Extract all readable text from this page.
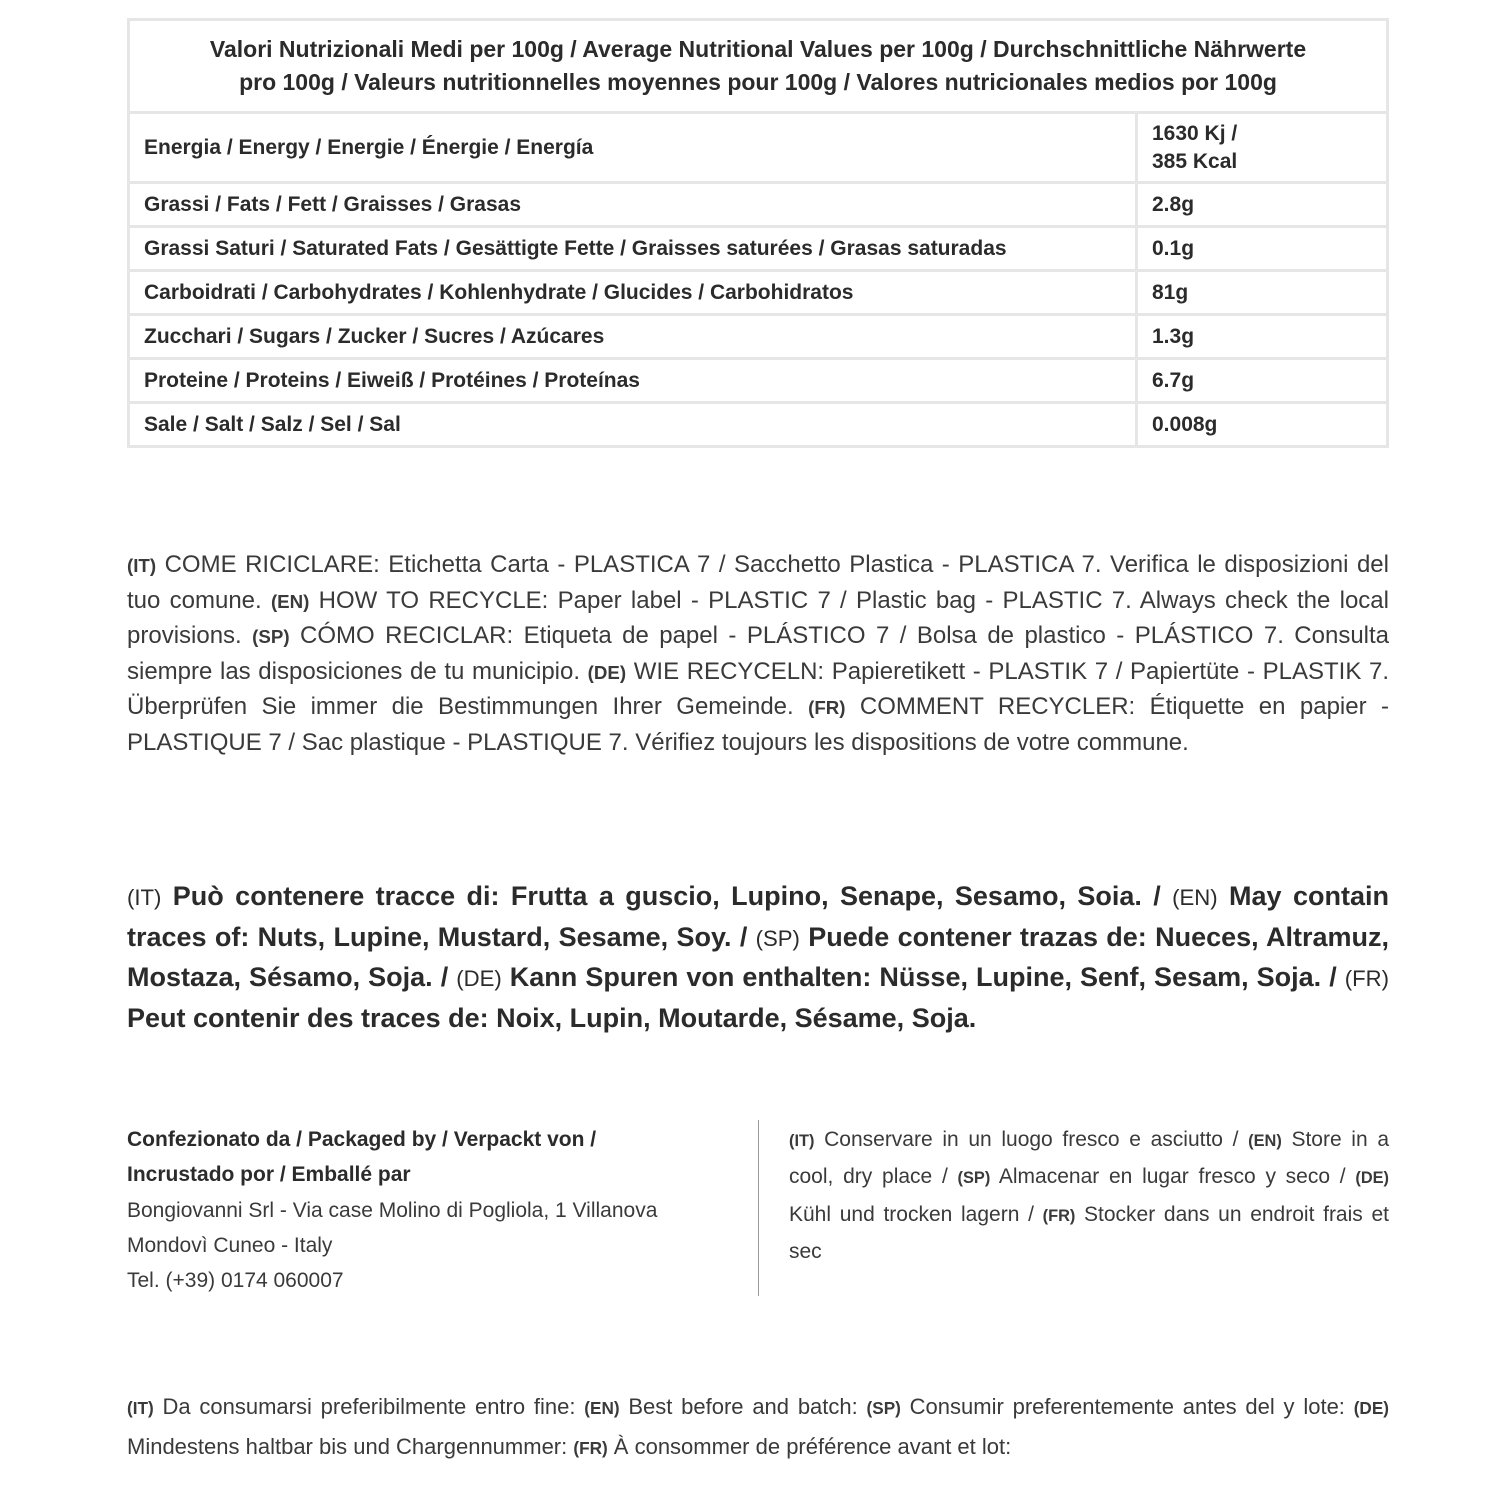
Valori Nutrizionali Medi per 100g / Average Nutritional Values per 100g / Durchschnittliche Nährwerte
pro 100g / Valeurs nutritionnelles moyennes pour 100g / Valores nutricionales medios por 100g	
Energia / Energy / Energie / Énergie / Energía	1630 Kj /
385 Kcal
Grassi / Fats / Fett / Graisses / Grasas	2.8g
Grassi Saturi / Saturated Fats / Gesättigte Fette / Graisses saturées / Grasas saturadas	0.1g
Carboidrati / Carbohydrates / Kohlenhydrate / Glucides / Carbohidratos	81g
Zucchari / Sugars / Zucker / Sucres / Azúcares	1.3g
Proteine / Proteins / Eiweiß / Protéines / Proteínas	6.7g
Sale / Salt / Salz / Sel / Sal	0.008g
(IT) COME RICICLARE: Etichetta Carta - PLASTICA 7 / Sacchetto Plastica - PLASTICA 7. Verifica le disposizioni del tuo comune. (EN) HOW TO RECYCLE: Paper label - PLASTIC 7 / Plastic bag - PLASTIC 7. Always check the local provisions. (SP) CÓMO RECICLAR: Etiqueta de papel - PLÁSTICO 7 / Bolsa de plastico - PLÁSTICO 7. Consulta siempre las disposiciones de tu municipio. (DE) WIE RECYCELN: Papieretikett - PLASTIK 7 / Papiertüte - PLASTIK 7. Überprüfen Sie immer die Bestimmungen Ihrer Gemeinde. (FR) COMMENT RECYCLER: Étiquette en papier - PLASTIQUE 7 / Sac plastique - PLASTIQUE 7. Vérifiez toujours les dispositions de votre commune.
(IT) Può contenere tracce di: Frutta a guscio, Lupino, Senape, Sesamo, Soia. / (EN) May contain traces of: Nuts, Lupine, Mustard, Sesame, Soy. / (SP) Puede contener trazas de: Nueces, Altramuz, Mostaza, Sésamo, Soja. / (DE) Kann Spuren von enthalten: Nüsse, Lupine, Senf, Sesam, Soja. / (FR) Peut contenir des traces de: Noix, Lupin, Moutarde, Sésame, Soja.
Confezionato da / Packaged by / Verpackt von /
Incrustado por / Emballé par
Bongiovanni Srl - Via case Molino di Pogliola, 1 Villanova
Mondovì Cuneo - Italy
Tel. (+39) 0174 060007
(IT) Conservare in un luogo fresco e asciutto / (EN) Store in a cool, dry place / (SP) Almacenar en lugar fresco y seco / (DE) Kühl und trocken lagern / (FR) Stocker dans un endroit frais et sec
(IT) Da consumarsi preferibilmente entro fine: (EN) Best before and batch: (SP) Consumir preferentemente antes del y lote: (DE) Mindestens haltbar bis und Chargennummer: (FR) À consommer de préférence avant et lot:
